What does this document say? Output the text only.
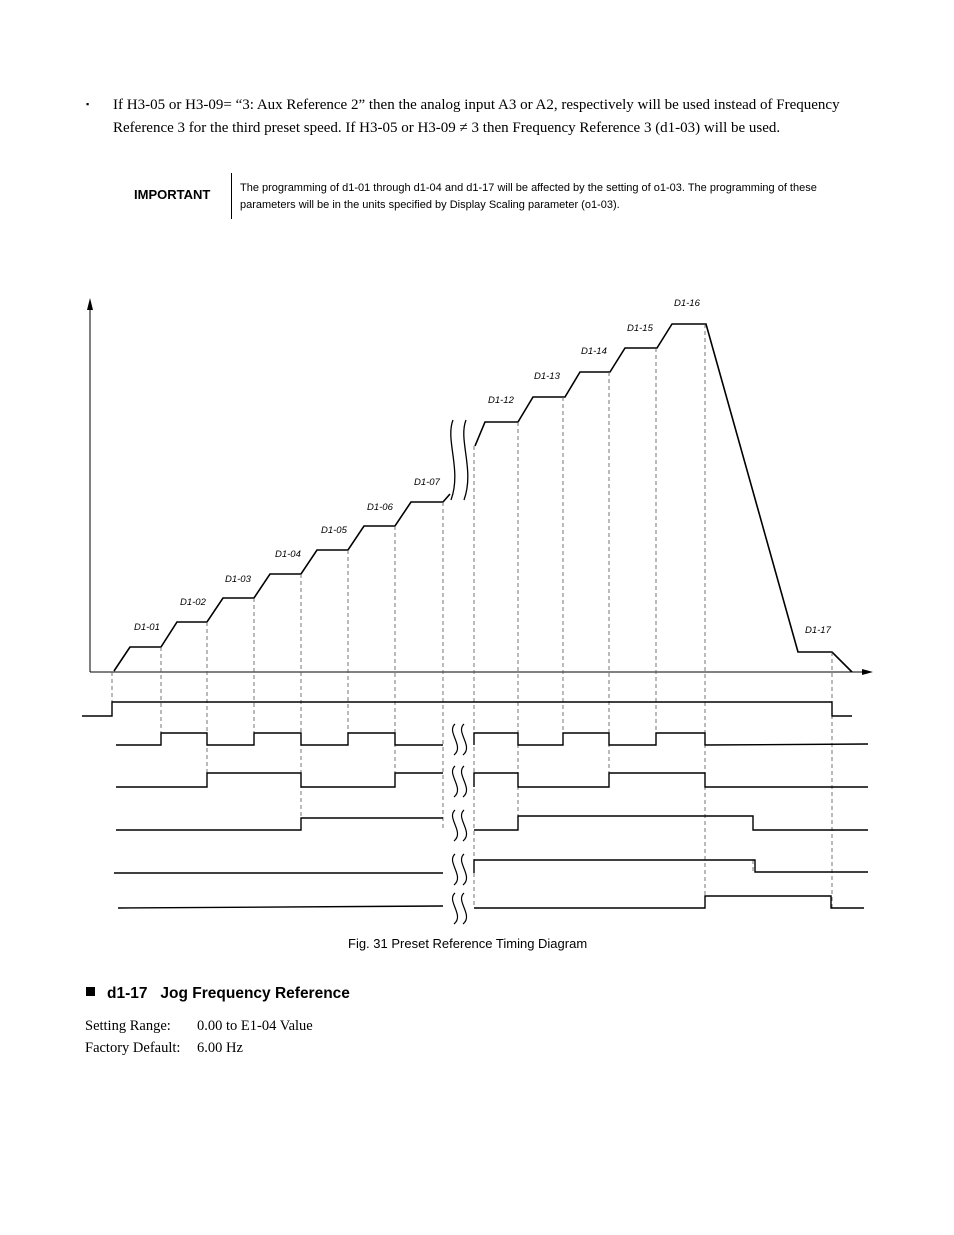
▪ If H3-05 or H3-09= “3: Aux Reference 2” then the analog input A3 or A2, respectively will be used instead of Frequency Reference 3 for the third preset speed. If H3-05 or H3-09 ≠ 3 then Frequency Reference 3 (d1-03) will be used.
IMPORTANT	The programming of d1-01 through d1-04 and d1-17 will be affected by the setting of o1-03. The programming of these parameters will be in the units specified by Display Scaling parameter (o1-03).
D1-01
D1-02
D1-03
D1-04
D1-05
D1-06
D1-07
D1-12
D1-13
D1-14
D1-15
D1-16
D1-17
Fig. 31 Preset Reference Timing Diagram
d1-17   Jog Frequency Reference
Setting Range: 0.00 to E1-04 Value
Factory Default: 6.00 Hz
